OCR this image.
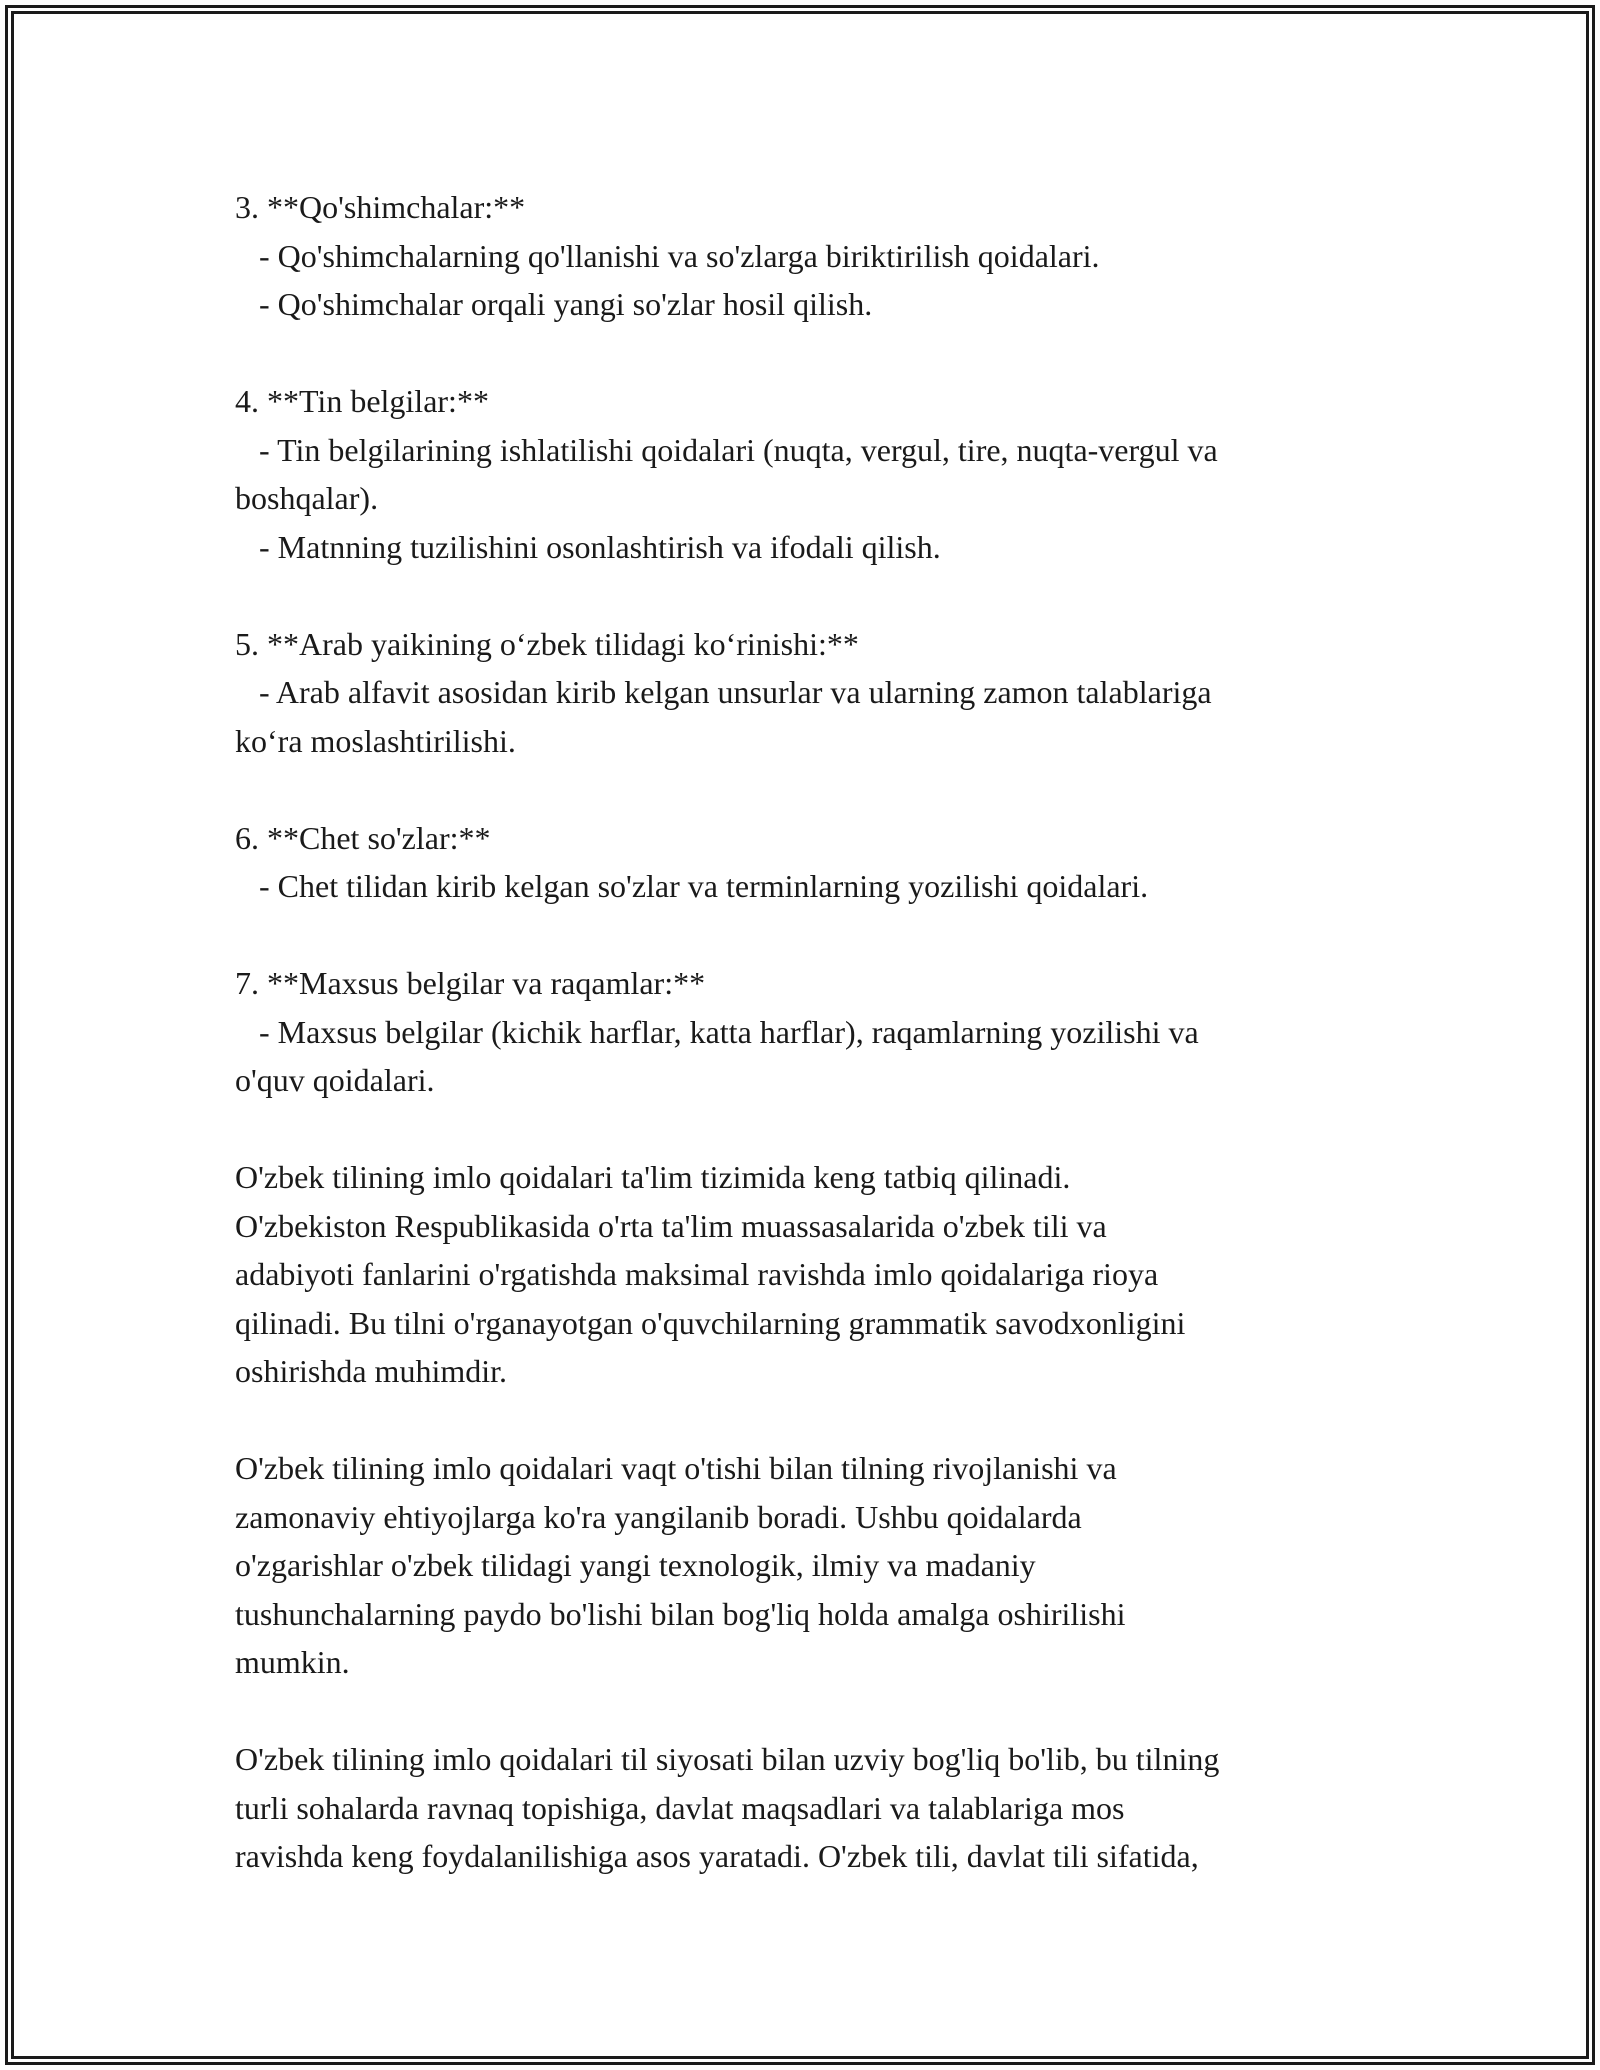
3. **Qo'shimchalar:**
- Qo'shimchalarning qo'llanishi va so'zlarga biriktirilish qoidalari.
- Qo'shimchalar orqali yangi so'zlar hosil qilish.
4. **Tin belgilar:**
- Tin belgilarining ishlatilishi qoidalari (nuqta, vergul, tire, nuqta-vergul va
boshqalar).
- Matnning tuzilishini osonlashtirish va ifodali qilish.
5. **Arab yaikining o‘zbek tilidagi ko‘rinishi:**
- Arab alfavit asosidan kirib kelgan unsurlar va ularning zamon talablariga
ko‘ra moslashtirilishi.
6. **Chet so'zlar:**
- Chet tilidan kirib kelgan so'zlar va terminlarning yozilishi qoidalari.
7. **Maxsus belgilar va raqamlar:**
- Maxsus belgilar (kichik harflar, katta harflar), raqamlarning yozilishi va
o'quv qoidalari.
O'zbek tilining imlo qoidalari ta'lim tizimida keng tatbiq qilinadi.
O'zbekiston Respublikasida o'rta ta'lim muassasalarida o'zbek tili va
adabiyoti fanlarini o'rgatishda maksimal ravishda imlo qoidalariga rioya
qilinadi. Bu tilni o'rganayotgan o'quvchilarning grammatik savodxonligini
oshirishda muhimdir.
O'zbek tilining imlo qoidalari vaqt o'tishi bilan tilning rivojlanishi va
zamonaviy ehtiyojlarga ko'ra yangilanib boradi. Ushbu qoidalarda
o'zgarishlar o'zbek tilidagi yangi texnologik, ilmiy va madaniy
tushunchalarning paydo bo'lishi bilan bog'liq holda amalga oshirilishi
mumkin.
O'zbek tilining imlo qoidalari til siyosati bilan uzviy bog'liq bo'lib, bu tilning
turli sohalarda ravnaq topishiga, davlat maqsadlari va talablariga mos
ravishda keng foydalanilishiga asos yaratadi. O'zbek tili, davlat tili sifatida,
